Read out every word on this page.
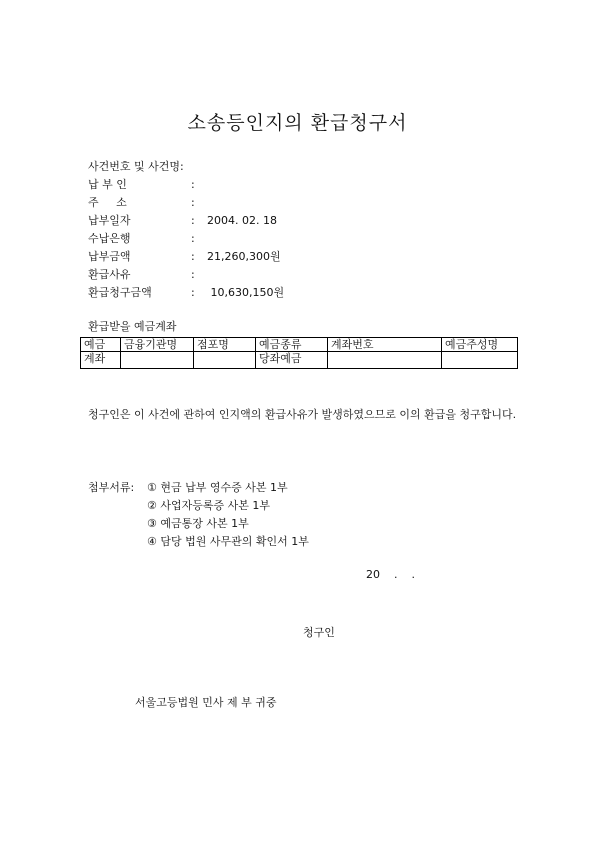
소송등인지의 환급청구서
사건번호 및 사건명:
납 부 인	:
주     소	:
납부일자	: 2004. 02. 18
수납은행	:
납부금액	: 21,260,300원
환급사유	:
환급청구금액	: 10,630,150원
환급받을 예금계좌
예금	금융기관명	점포명	예금종류	계좌번호	예금주성명
계좌			당좌예금		
청구인은 이 사건에 관하여 인지액의 환급사유가 발생하였으므로 이의 환급을 청구합니다.
첨부서류: ① 현금 납부 영수증 사본 1부
② 사업자등록증 사본 1부
③ 예금통장 사본 1부
④ 담당 법원 사무관의 확인서 1부
20    .    .
청구인
서울고등법원 민사 제 부 귀중
